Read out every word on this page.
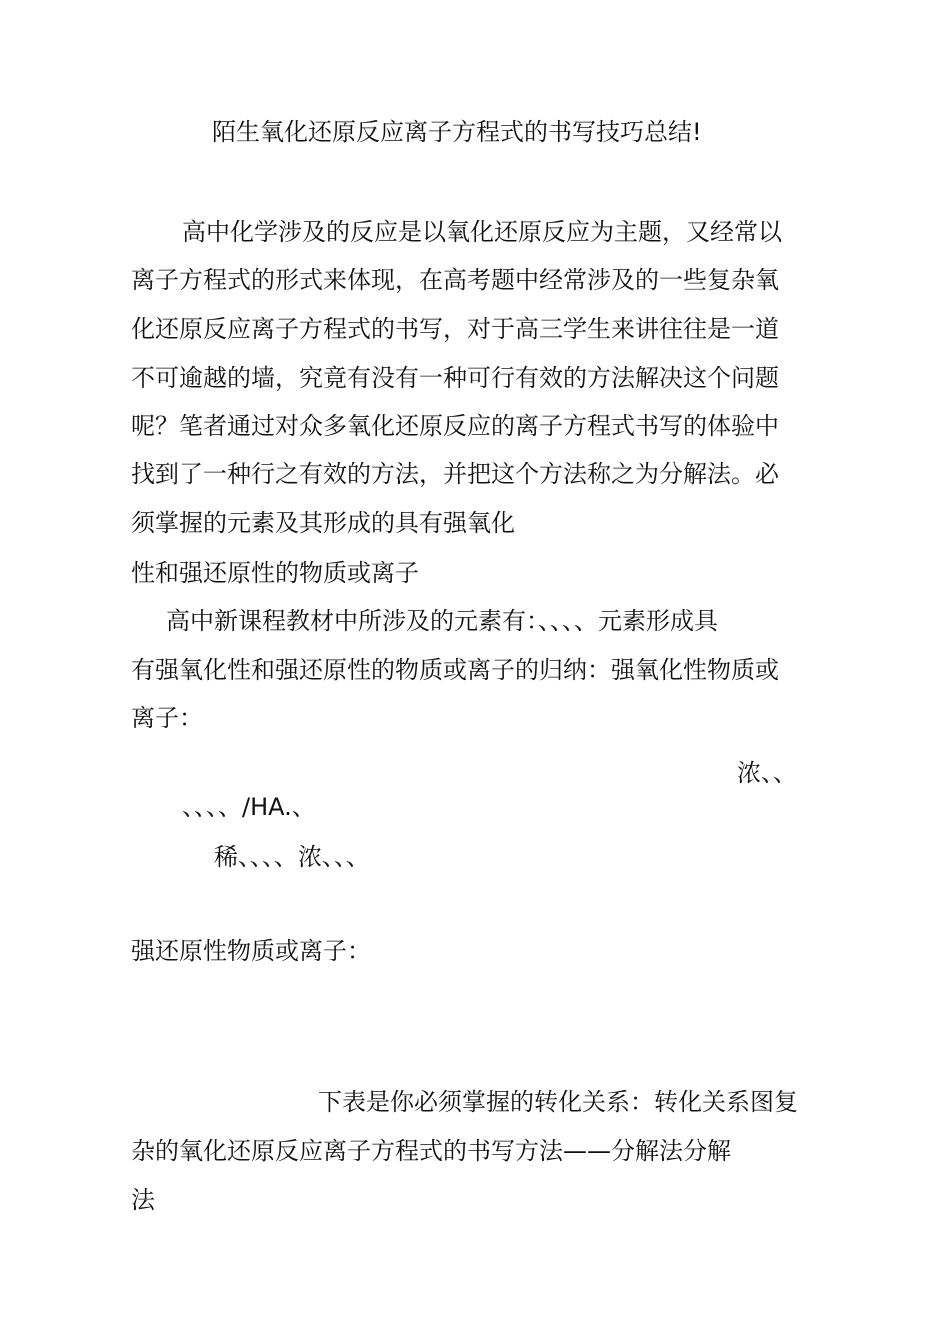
陌生氧化还原反应离子方程式的书写技巧总结!
高中化学涉及的反应是以氧化还原反应为主题，又经常以
离子方程式的形式来体现，在高考题中经常涉及的一些复杂氧
化还原反应离子方程式的书写，对于高三学生来讲往往是一道
不可逾越的墙，究竟有没有一种可行有效的方法解决这个问题
呢？笔者通过对众多氧化还原反应的离子方程式书写的体验中
找到了一种行之有效的方法，并把这个方法称之为分解法。必
须掌握的元素及其形成的具有强氧化
性和强还原性的物质或离子
高中新课程教材中所涉及的元素有：、、、、元素形成具
有强氧化性和强还原性的物质或离子的归纳：强氧化性物质或
离子：
浓、、
、、、、/HA.、
稀、、、、浓、、、
强还原性物质或离子：
下表是你必须掌握的转化关系：转化关系图复
杂的氧化还原反应离子方程式的书写方法——分解法分解
法
